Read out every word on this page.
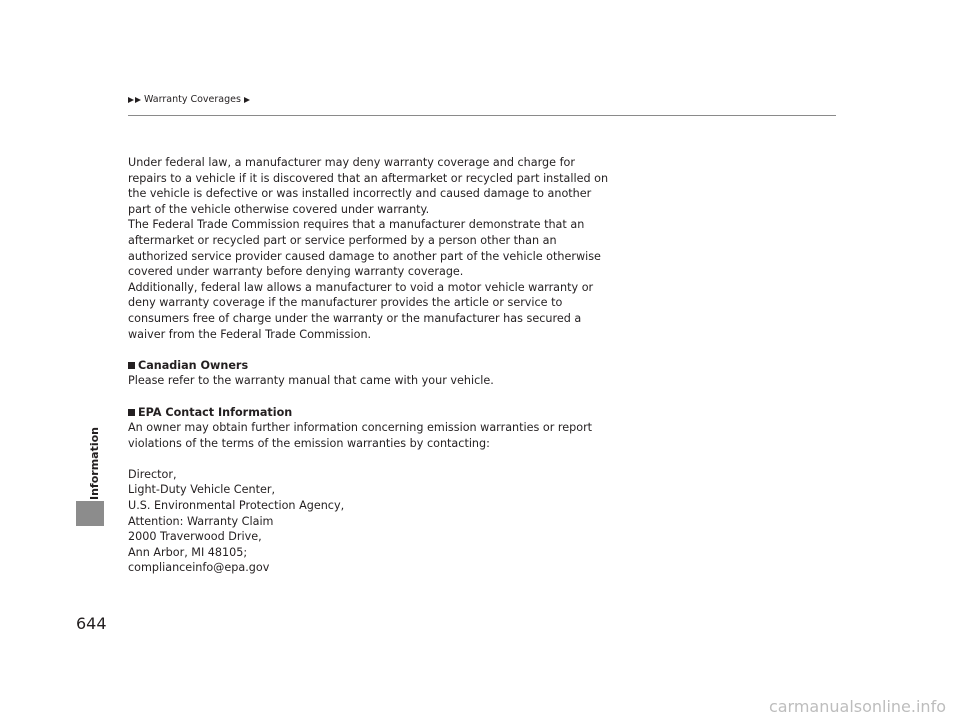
Warranty Coverages
Information
644

Under federal law, a manufacturer may deny warranty coverage and charge for

repairs to a vehicle if it is discovered that an aftermarket or recycled part installed on

the vehicle is defective or was installed incorrectly and caused damage to another

part of the vehicle otherwise covered under warranty.

The Federal Trade Commission requires that a manufacturer demonstrate that an

aftermarket or recycled part or service performed by a person other than an

authorized service provider caused damage to another part of the vehicle otherwise

covered under warranty before denying warranty coverage.

Additionally, federal law allows a manufacturer to void a motor vehicle warranty or

deny warranty coverage if the manufacturer provides the article or service to

consumers free of charge under the warranty or the manufacturer has secured a

waiver from the Federal Trade Commission.

Canadian Owners

Please refer to the warranty manual that came with your vehicle.

EPA Contact Information

An owner may obtain further information concerning emission warranties or report

violations of the terms of the emission warranties by contacting:

Director,

Light-Duty Vehicle Center,

U.S. Environmental Protection Agency,

Attention: Warranty Claim

2000 Traverwood Drive,

Ann Arbor, MI 48105;

complianceinfo@epa.gov

carmanualsonline.info
